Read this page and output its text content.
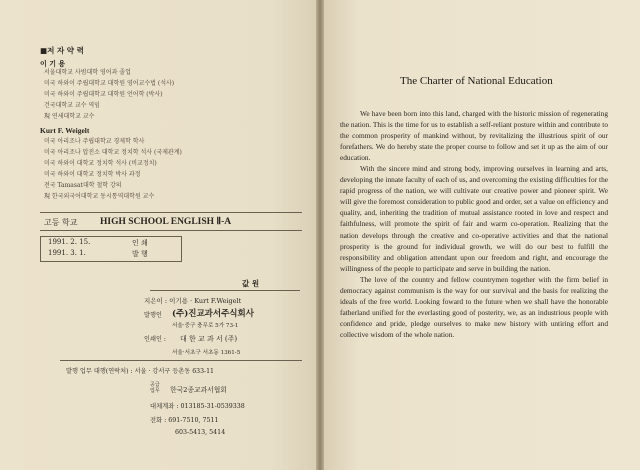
■저 자 약 력
이 기 용
서울대학교 사범대학 영어과 졸업
미국 하와이 주립대학교 대학원 영어교수법 (석사)
미국 하와이 주립대학교 대학원 언어학 (박사)
건국대학교 교수 역임
現 연세대학교 교수
Kurt F. Weigelt
미국 아리조나 주립대학교 경제학 학사
미국 아리조나 압진소 대학교 정치학 석사 (국제관계)
미국 하와이 대학교 정치학 석사 (비교정치)
미국 하와이 대학교 정치학 박사 과정
전국 Tamasat대학 철학 강의
現 한국외국어대학교 동시통역대학원 교수
고등 학교 HIGH SCHOOL ENGLISH Ⅱ-A
1991. 2. 15.	인 쇄
1991. 3. 1.	발 행
값 원
지은이 : 이기용 · Kurt F.Weigelt
발행인 (주)진교과서주식회사
서울·중구 충무로 5가 73-1
인쇄인 : 대 한 교 과 서 (주)
서울·서초구 서초동 1361-5
발행 업무 대행(연락처) : 서울 · 강서구 등촌동 633-11
공급
업무 한국2종교과서협회
대체계좌 : 013185-31-0539338
전화 : 691-7510, 7511
603-5413, 5414
The Charter of National Education

We have been born into this land, charged with the historic mission of regenerating the nation. This is the time for us to establish a self-reliant posture within and contribute to the common prosperity of mankind without, by revitalizing the illustrious spirit of our forefathers. We do hereby state the proper course to follow and set it up as the aim of our education.

With the sincere mind and strong body, improving ourselves in learning and arts, developing the innate faculty of each of us, and overcoming the existing difficulties for the rapid progress of the nation, we will cultivate our creative power and pioneer spirit. We will give the foremost consideration to public good and order, set a value on efficiency and quality, and, inheriting the tradition of mutual assistance rooted in love and respect and faithfulness, will promote the spirit of fair and warm co-operation. Realizing that the nation develops through the creative and co-operative activities and that the national prosperity is the ground for individual growth, we will do our best to fulfill the responsibility and obligation attendant upon our freedom and right, and encourage the willingness of the people to participate and serve in building the nation.

The love of the country and fellow countrymen together with the firm belief in democracy against communism is the way for our survival and the basis for realizing the ideals of the free world. Looking foward to the future when we shall have the honorable fatherland unified for the everlasting good of posterity, we, as an industrious people with confidence and pride, pledge ourselves to make new history with untiring effort and collective wisdom of the whole nation.
